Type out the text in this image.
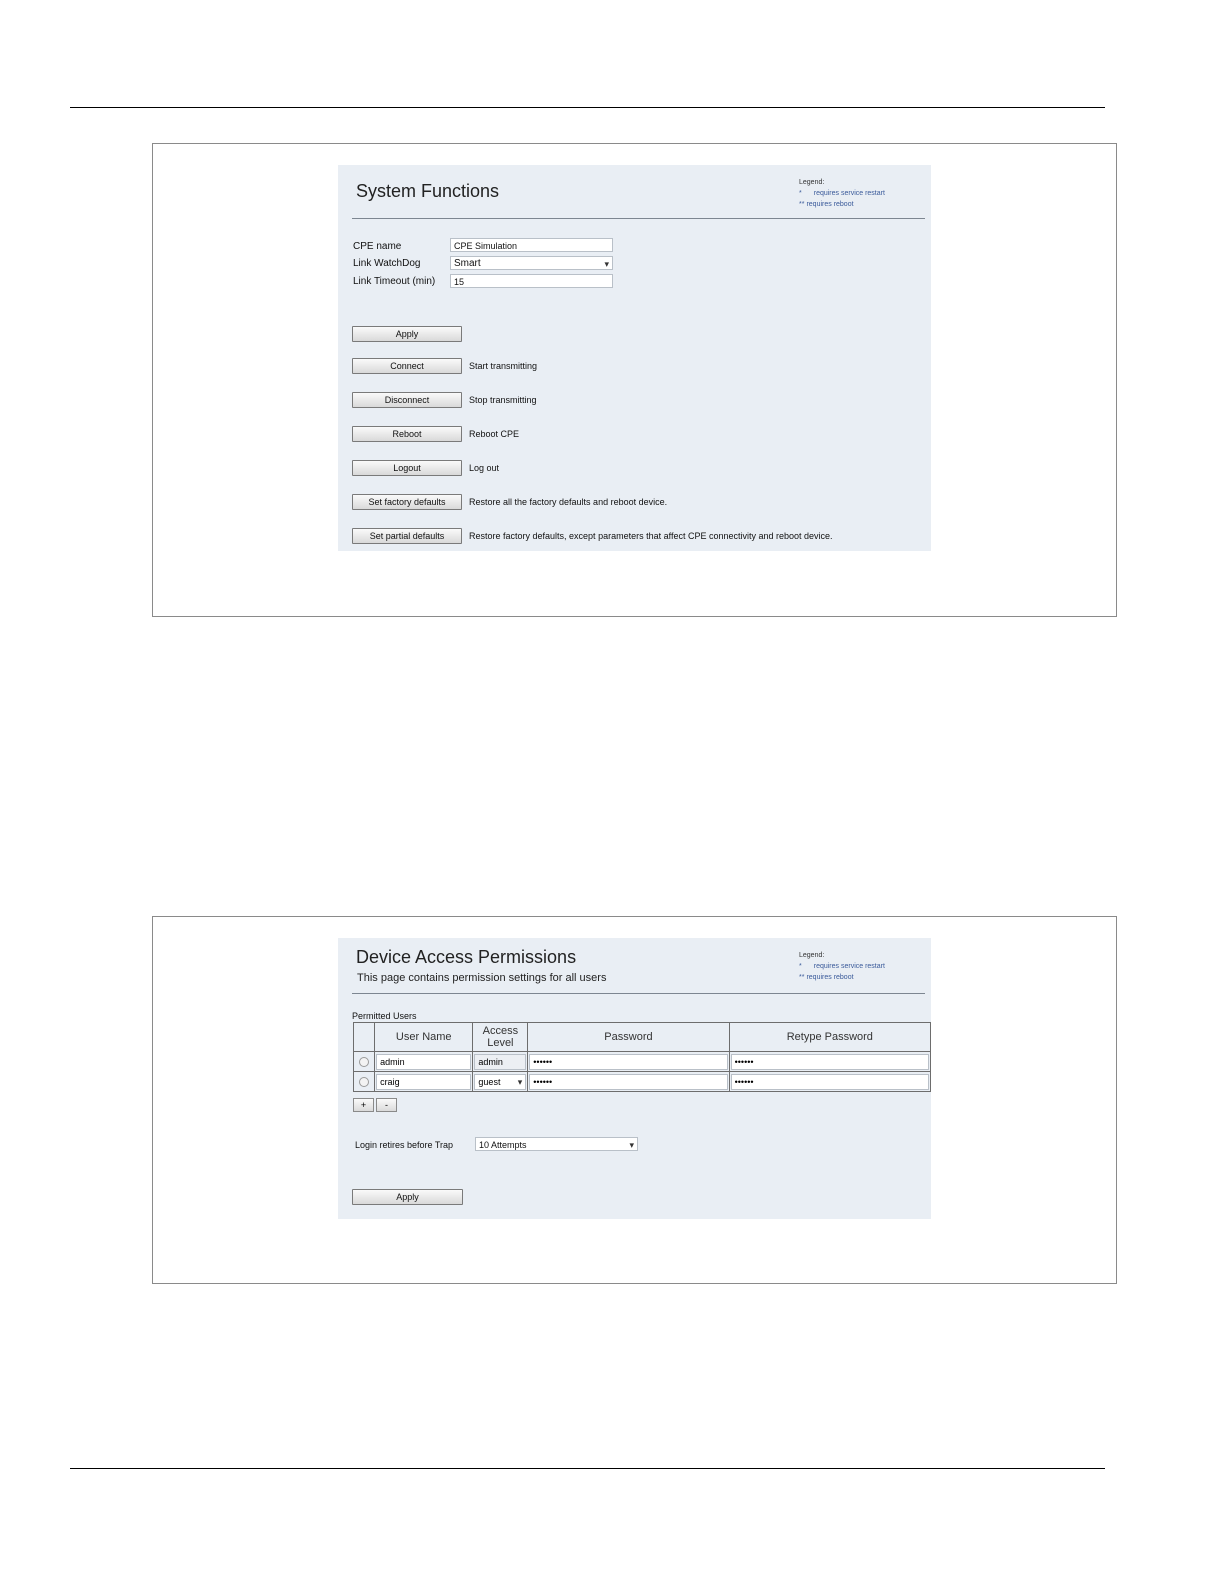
System Functions	Legend:
* requires service restart
** requires reboot
CPE name	CPE Simulation
Link WatchDog	Smart ▾
Link Timeout (min)	15
Apply
Connect	Start transmitting
Disconnect	Stop transmitting
Reboot	Reboot CPE
Logout	Log out
Set factory defaults	Restore all the factory defaults and reboot device.
Set partial defaults	Restore factory defaults, except parameters that affect CPE connectivity and reboot device.
Device Access Permissions
This page contains permission settings for all users
Legend:
* requires service restart
** requires reboot
Permitted Users
	User Name	Access
Level	Password	Retype Password

	admin	admin	••••••	••••••

	craig	guest ▾	••••••	••••••
+	-
Login retires before Trap	10 Attempts ▾
Apply
